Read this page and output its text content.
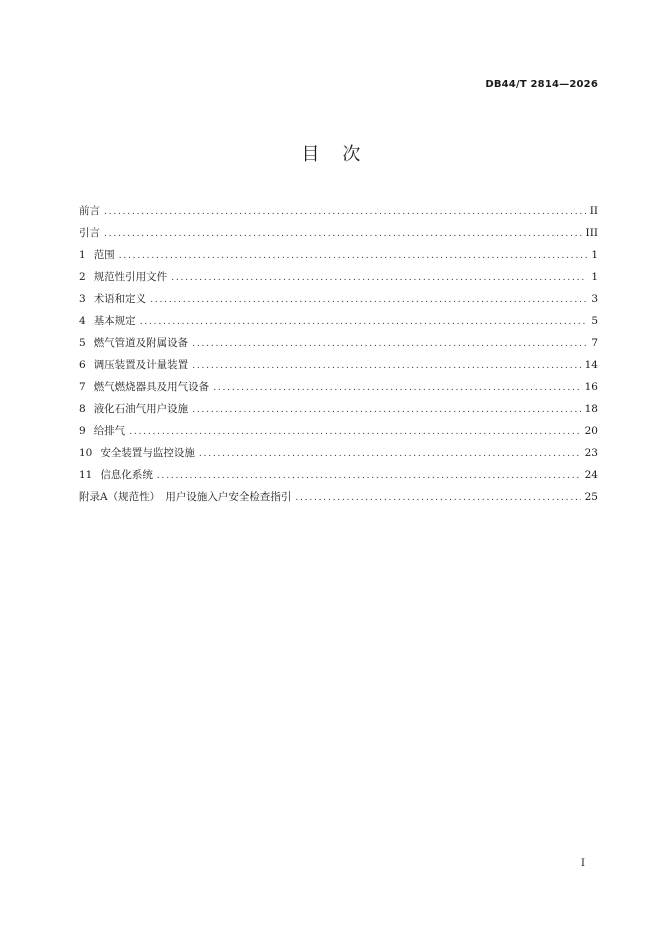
DB44/T 2814—2026
目    次
前言 .....	II
引言 .....	III
1 范围 .....	1
2 规范性引用文件 .....	1
3 术语和定义 .....	3
4 基本规定 .....	5
5 燃气管道及附属设备 .....	7
6 调压装置及计量装置 .....	14
7 燃气燃烧器具及用气设备 .....	16
8 液化石油气用户设施 .....	18
9 给排气 .....	20
10 安全装置与监控设施 .....	23
11 信息化系统 .....	24
附录A（规范性）　用户设施入户安全检查指引 .....	25
I
